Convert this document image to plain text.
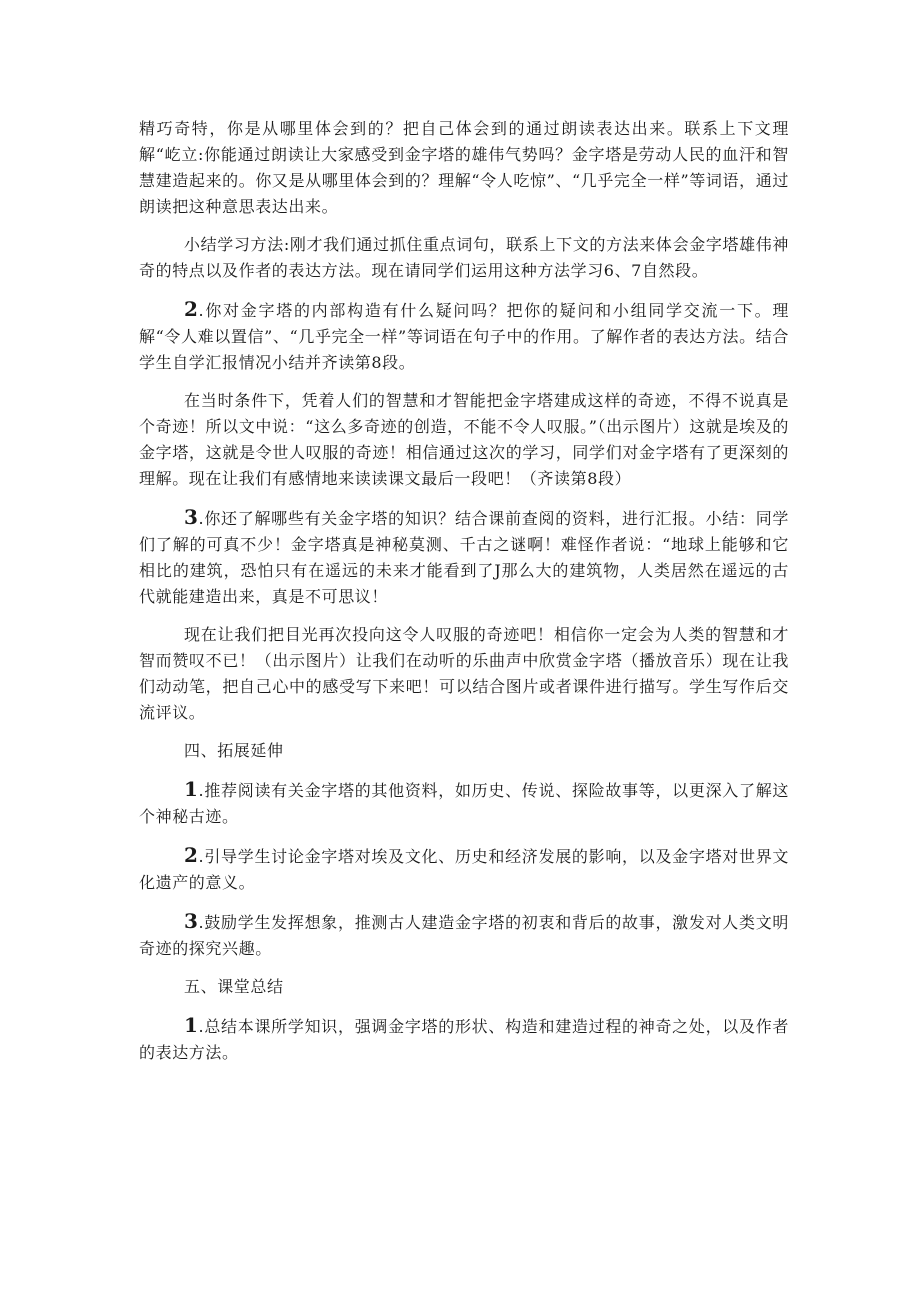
精巧奇特，你是从哪里体会到的？把自己体会到的通过朗读表达出来。联系上下文理解“屹立:你能通过朗读让大家感受到金字塔的雄伟气势吗？金字塔是劳动人民的血汗和智慧建造起来的。你又是从哪里体会到的？理解“令人吃惊”、“几乎完全一样”等词语，通过朗读把这种意思表达出来。

小结学习方法:刚才我们通过抓住重点词句，联系上下文的方法来体会金字塔雄伟神奇的特点以及作者的表达方法。现在请同学们运用这种方法学习6、7自然段。

2.你对金字塔的内部构造有什么疑问吗？把你的疑问和小组同学交流一下。理解“令人难以置信”、“几乎完全一样”等词语在句子中的作用。了解作者的表达方法。结合学生自学汇报情况小结并齐读第8段。

在当时条件下，凭着人们的智慧和才智能把金字塔建成这样的奇迹，不得不说真是个奇迹！所以文中说：“这么多奇迹的创造，不能不令人叹服。”（出示图片）这就是埃及的金字塔，这就是令世人叹服的奇迹！相信通过这次的学习，同学们对金字塔有了更深刻的理解。现在让我们有感情地来读读课文最后一段吧！（齐读第8段）

3.你还了解哪些有关金字塔的知识？结合课前查阅的资料，进行汇报。小结：同学们了解的可真不少！金字塔真是神秘莫测、千古之谜啊！难怪作者说：“地球上能够和它相比的建筑，恐怕只有在遥远的未来才能看到了J那么大的建筑物，人类居然在遥远的古代就能建造出来，真是不可思议！

现在让我们把目光再次投向这令人叹服的奇迹吧！相信你一定会为人类的智慧和才智而赞叹不已！（出示图片）让我们在动听的乐曲声中欣赏金字塔（播放音乐）现在让我们动动笔，把自己心中的感受写下来吧！可以结合图片或者课件进行描写。学生写作后交流评议。

四、拓展延伸

1.推荐阅读有关金字塔的其他资料，如历史、传说、探险故事等，以更深入了解这个神秘古迹。

2.引导学生讨论金字塔对埃及文化、历史和经济发展的影响，以及金字塔对世界文化遗产的意义。

3.鼓励学生发挥想象，推测古人建造金字塔的初衷和背后的故事，激发对人类文明奇迹的探究兴趣。

五、课堂总结

1.总结本课所学知识，强调金字塔的形状、构造和建造过程的神奇之处，以及作者的表达方法。
